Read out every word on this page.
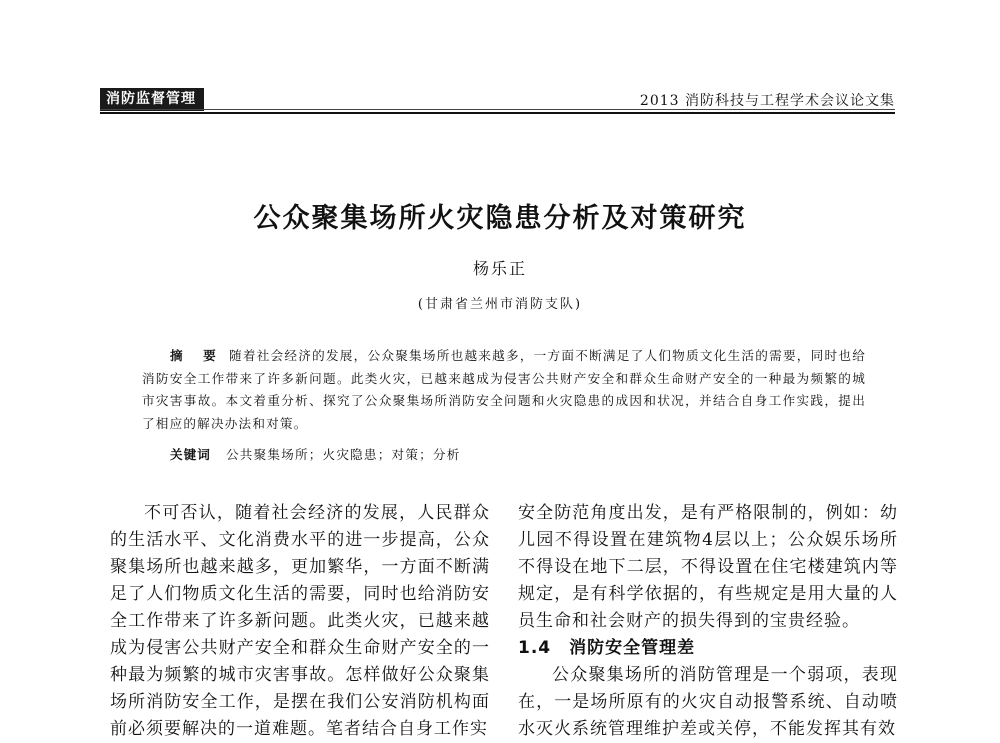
消防监督管理	2013 消防科技与工程学术会议论文集
公众聚集场所火灾隐患分析及对策研究
杨乐正
(甘肃省兰州市消防支队)
摘 要 随着社会经济的发展，公众聚集场所也越来越多，一方面不断满足了人们物质文化生活的需要，同时也给消防安全工作带来了许多新问题。此类火灾，已越来越成为侵害公共财产安全和群众生命财产安全的一种最为频繁的城市灾害事故。本文着重分析、探究了公众聚集场所消防安全问题和火灾隐患的成因和状况，并结合自身工作实践，提出了相应的解决办法和对策。
关键词 公共聚集场所；火灾隐患；对策；分析

不可否认，随着社会经济的发展，人民群众的生活水平、文化消费水平的进一步提高，公众聚集场所也越来越多，更加繁华，一方面不断满足了人们物质文化生活的需要，同时也给消防安全工作带来了许多新问题。此类火灾，已越来越成为侵害公共财产安全和群众生命财产安全的一种最为频繁的城市灾害事故。怎样做好公众聚集场所消防安全工作，是摆在我们公安消防机构面前必须要解决的一道难题。笔者结合自身工作实

安全防范角度出发，是有严格限制的，例如：幼儿园不得设置在建筑物4层以上；公众娱乐场所不得设在地下二层，不得设置在住宅楼建筑内等规定，是有科学依据的，有些规定是用大量的人员生命和社会财产的损失得到的宝贵经验。

1.4 消防安全管理差

公众聚集场所的消防管理是一个弱项，表现在，一是场所原有的火灾自动报警系统、自动喷水灭火系统管理维护差或关停，不能发挥其有效
